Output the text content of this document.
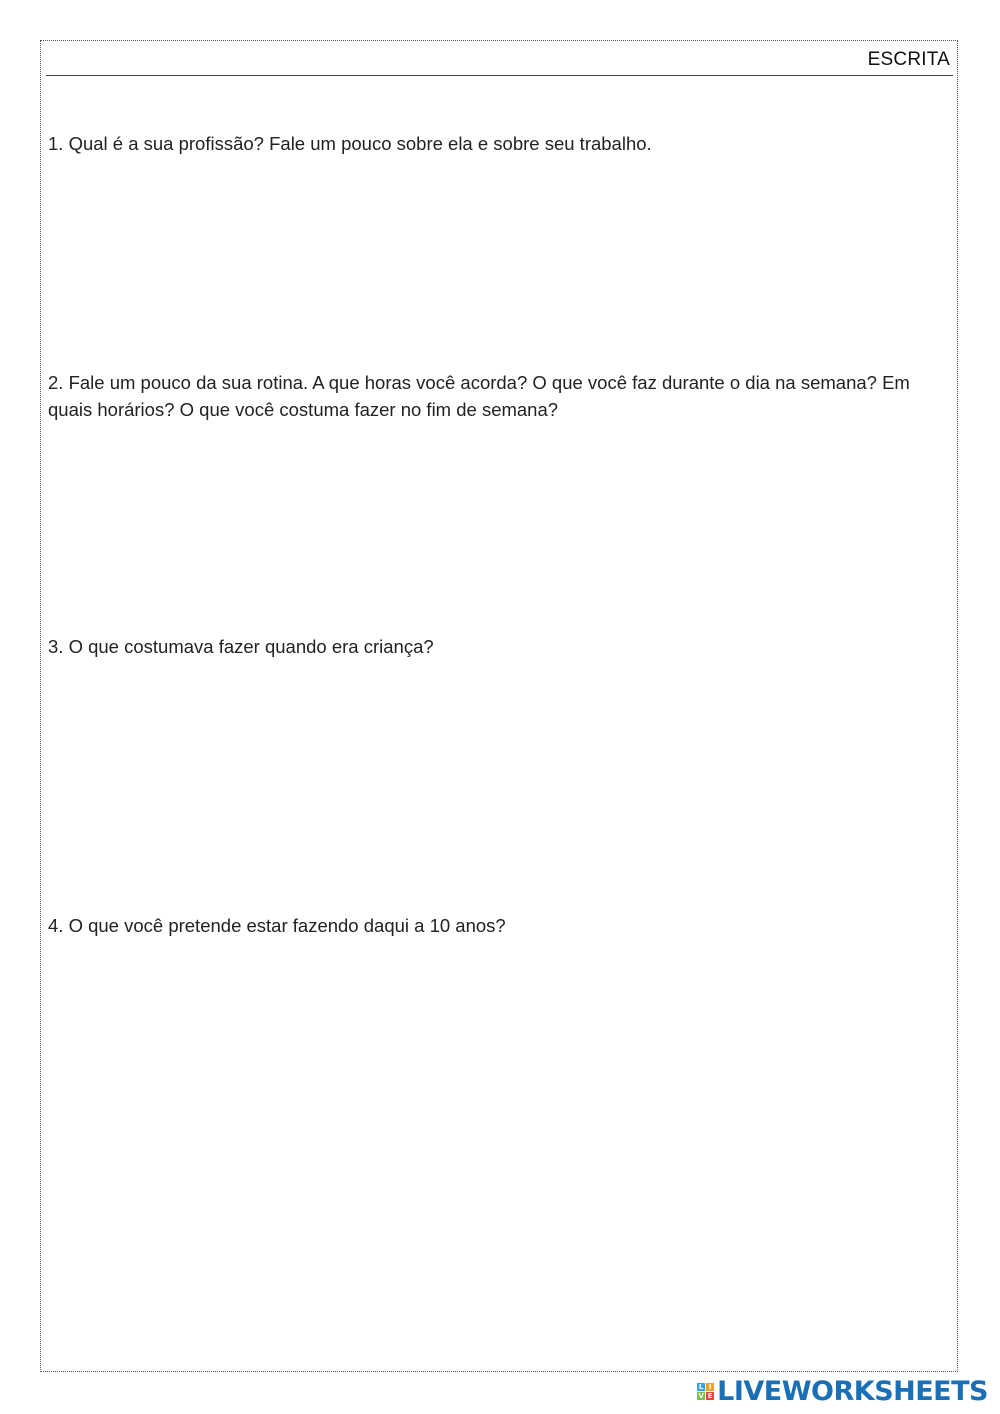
ESCRITA
1. Qual é a sua profissão? Fale um pouco sobre ela e sobre seu trabalho.
2. Fale um pouco da sua rotina. A que horas você acorda? O que você faz durante o dia na semana? Em quais horários? O que você costuma fazer no fim de semana?
3. O que costumava fazer quando era criança?
4. O que você pretende estar fazendo daqui a 10 anos?
L I
V E LIVEWORKSHEETS
